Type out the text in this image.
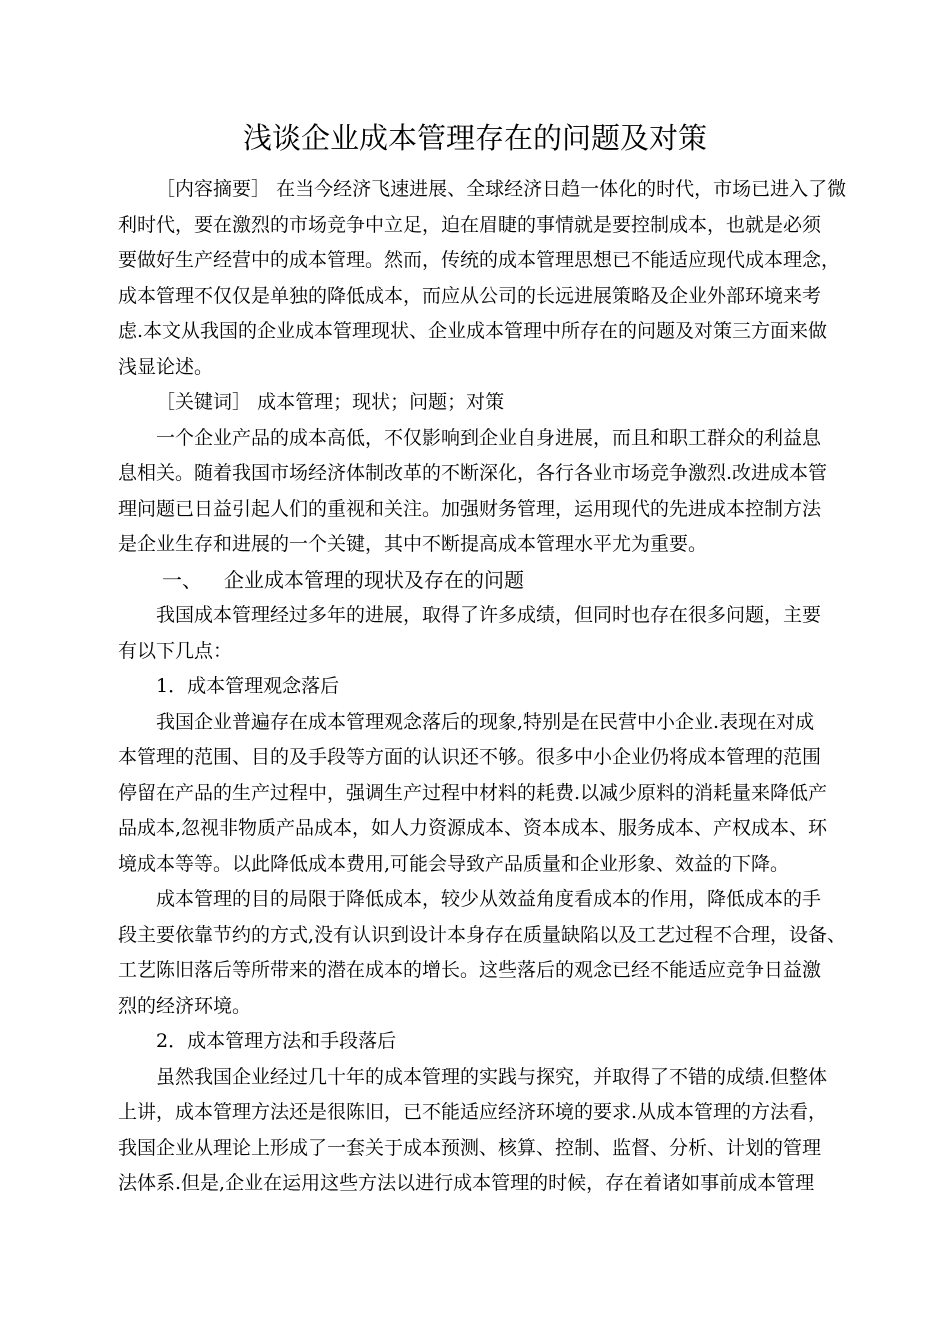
浅谈企业成本管理存在的问题及对策
［内容摘要］ 在当今经济飞速进展、全球经济日趋一体化的时代，市场已进入了微
利时代，要在激烈的市场竞争中立足，迫在眉睫的事情就是要控制成本，也就是必须
要做好生产经营中的成本管理。然而，传统的成本管理思想已不能适应现代成本理念，
成本管理不仅仅是单独的降低成本，而应从公司的长远进展策略及企业外部环境来考
虑.本文从我国的企业成本管理现状、企业成本管理中所存在的问题及对策三方面来做
浅显论述。
［关键词］ 成本管理；现状；问题；对策
一个企业产品的成本高低，不仅影响到企业自身进展，而且和职工群众的利益息
息相关。随着我国市场经济体制改革的不断深化，各行各业市场竞争激烈.改进成本管
理问题已日益引起人们的重视和关注。加强财务管理，运用现代的先进成本控制方法
是企业生存和进展的一个关键，其中不断提高成本管理水平尤为重要。
一、 企业成本管理的现状及存在的问题
我国成本管理经过多年的进展，取得了许多成绩，但同时也存在很多问题，主要
有以下几点：
1．成本管理观念落后
我国企业普遍存在成本管理观念落后的现象,特别是在民营中小企业.表现在对成
本管理的范围、目的及手段等方面的认识还不够。很多中小企业仍将成本管理的范围
停留在产品的生产过程中，强调生产过程中材料的耗费.以减少原料的消耗量来降低产
品成本,忽视非物质产品成本，如人力资源成本、资本成本、服务成本、产权成本、环
境成本等等。以此降低成本费用,可能会导致产品质量和企业形象、效益的下降。
成本管理的目的局限于降低成本，较少从效益角度看成本的作用，降低成本的手
段主要依靠节约的方式,没有认识到设计本身存在质量缺陷以及工艺过程不合理，设备、
工艺陈旧落后等所带来的潜在成本的增长。这些落后的观念已经不能适应竞争日益激
烈的经济环境。
2．成本管理方法和手段落后
虽然我国企业经过几十年的成本管理的实践与探究，并取得了不错的成绩.但整体
上讲，成本管理方法还是很陈旧，已不能适应经济环境的要求.从成本管理的方法看，
我国企业从理论上形成了一套关于成本预测、核算、控制、监督、分析、计划的管理
法体系.但是,企业在运用这些方法以进行成本管理的时候，存在着诸如事前成本管理
